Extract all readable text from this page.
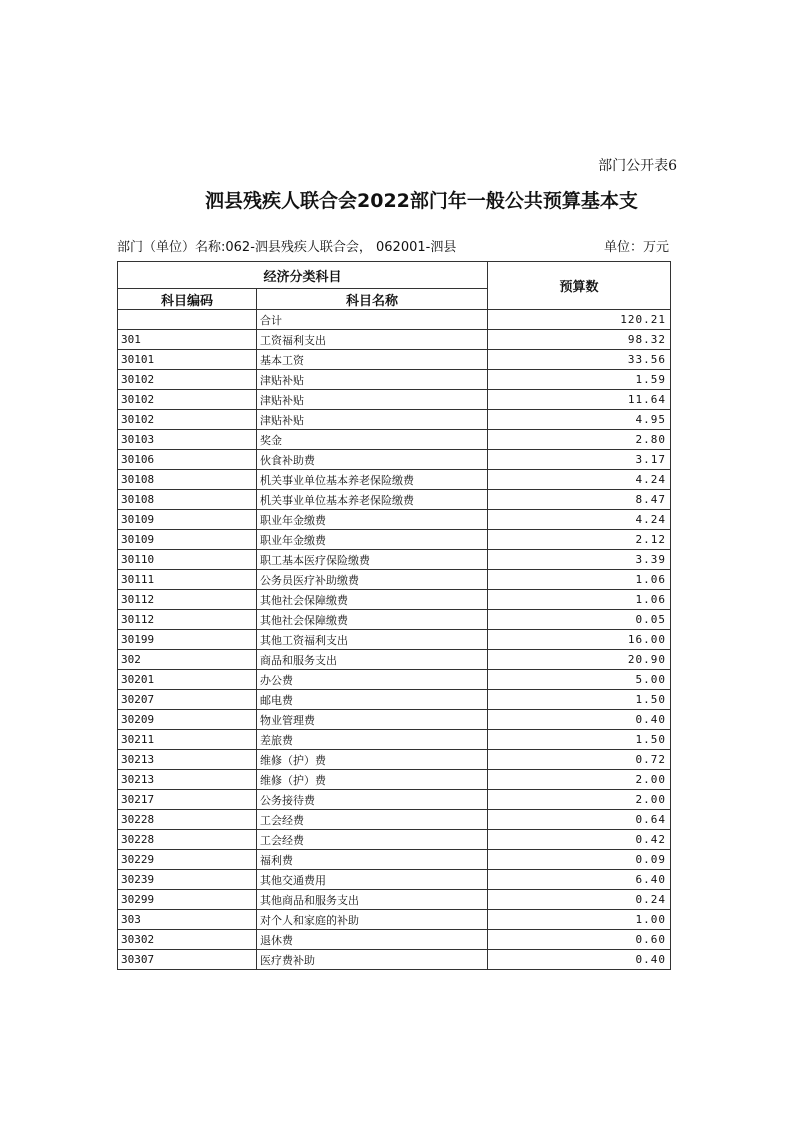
部门公开表6
泗县残疾人联合会2022部门年一般公共预算基本支
部门（单位）名称:062-泗县残疾人联合会， 062001-泗县	单位：万元
经济分类科目		预算数
科目编码	科目名称	
	合计	120.21
301	工资福利支出	98.32
30101	基本工资	33.56
30102	津贴补贴	1.59
30102	津贴补贴	11.64
30102	津贴补贴	4.95
30103	奖金	2.80
30106	伙食补助费	3.17
30108	机关事业单位基本养老保险缴费	4.24
30108	机关事业单位基本养老保险缴费	8.47
30109	职业年金缴费	4.24
30109	职业年金缴费	2.12
30110	职工基本医疗保险缴费	3.39
30111	公务员医疗补助缴费	1.06
30112	其他社会保障缴费	1.06
30112	其他社会保障缴费	0.05
30199	其他工资福利支出	16.00
302	商品和服务支出	20.90
30201	办公费	5.00
30207	邮电费	1.50
30209	物业管理费	0.40
30211	差旅费	1.50
30213	维修（护）费	0.72
30213	维修（护）费	2.00
30217	公务接待费	2.00
30228	工会经费	0.64
30228	工会经费	0.42
30229	福利费	0.09
30239	其他交通费用	6.40
30299	其他商品和服务支出	0.24
303	对个人和家庭的补助	1.00
30302	退休费	0.60
30307	医疗费补助	0.40
